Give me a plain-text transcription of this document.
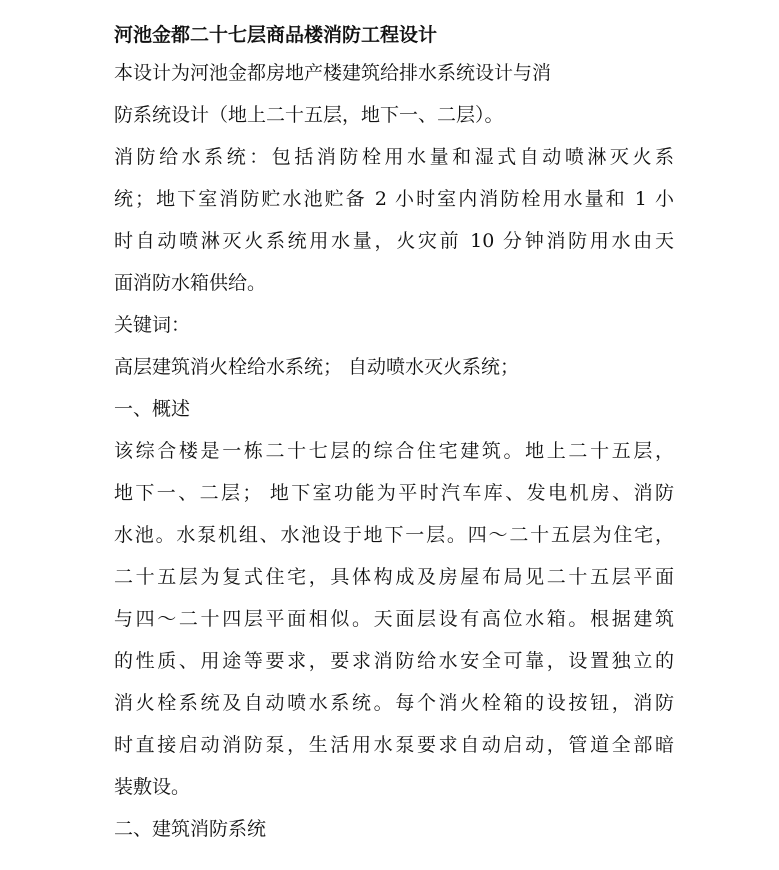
河池金都二十七层商品楼消防工程设计
本设计为河池金都房地产楼建筑给排水系统设计与消
防系统设计（地上二十五层，地下一、二层）。
消防给水系统：包括消防栓用水量和湿式自动喷淋灭火系
统；地下室消防贮水池贮备 2 小时室内消防栓用水量和 1 小
时自动喷淋灭火系统用水量，火灾前 10 分钟消防用水由天
面消防水箱供给。
关键词：
高层建筑消火栓给水系统； 自动喷水灭火系统；
一、概述
该综合楼是一栋二十七层的综合住宅建筑。地上二十五层，
地下一、二层； 地下室功能为平时汽车库、发电机房、消防
水池。水泵机组、水池设于地下一层。四～二十五层为住宅，
二十五层为复式住宅，具体构成及房屋布局见二十五层平面
与四～二十四层平面相似。天面层设有高位水箱。根据建筑
的性质、用途等要求，要求消防给水安全可靠，设置独立的
消火栓系统及自动喷水系统。每个消火栓箱的设按钮，消防
时直接启动消防泵，生活用水泵要求自动启动，管道全部暗
装敷设。
二、建筑消防系统
